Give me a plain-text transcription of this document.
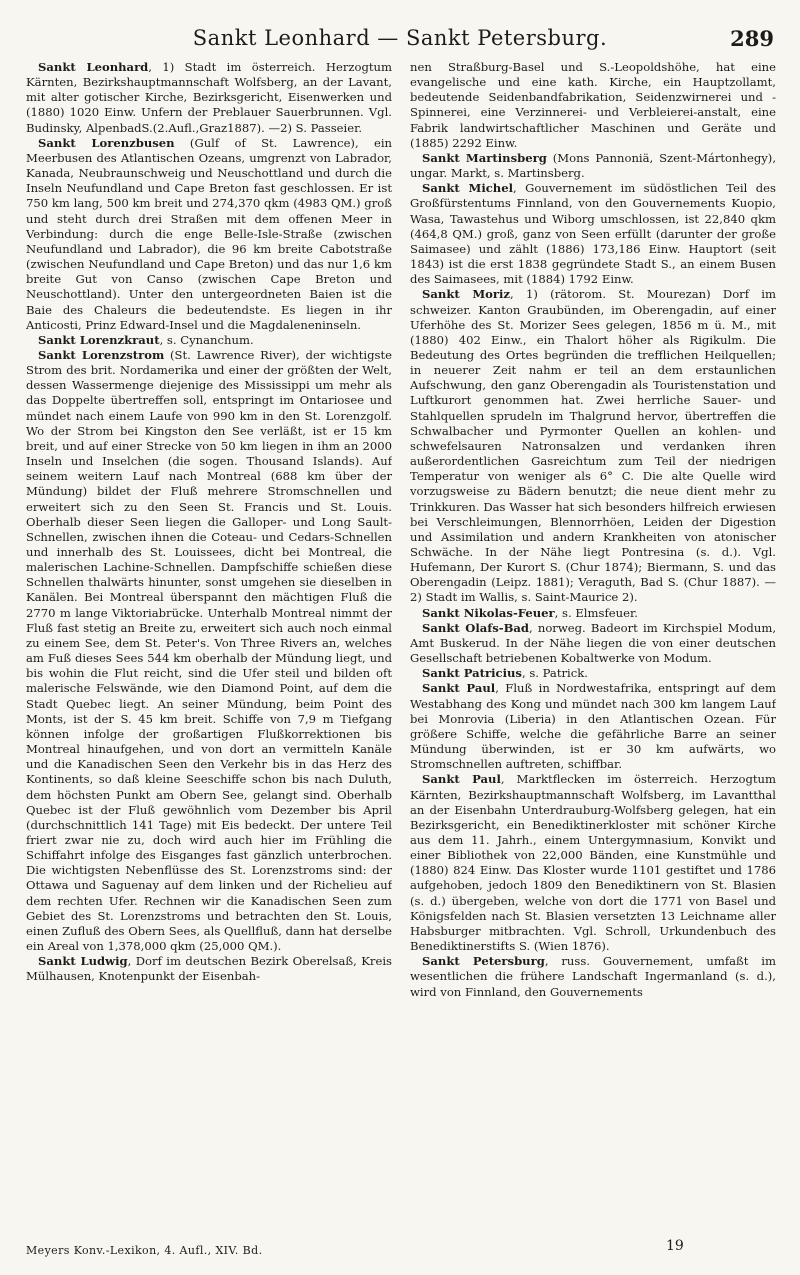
Sankt Leonhard — Sankt Petersburg.	289

Sankt Leonhard, 1) Stadt im österreich. Herzogtum Kärnten, Bezirkshauptmannschaft Wolfsberg, an der Lavant, mit alter gotischer Kirche, Bezirksgericht, Eisenwerken und (1880) 1020 Einw. Unfern der Preblauer Sauerbrunnen. Vgl. Budinsky, AlpenbadS.(2.Aufl.,Graz1887). —2) S. Passeier.

Sankt Lorenzbusen (Gulf of St. Lawrence), ein Meerbusen des Atlantischen Ozeans, umgrenzt von Labrador, Kanada, Neubraunschweig und Neuschottland und durch die Inseln Neufundland und Cape Breton fast geschlossen. Er ist 750 km lang, 500 km breit und 274,370 qkm (4983 QM.) groß und steht durch drei Straßen mit dem offenen Meer in Verbindung: durch die enge Belle-Isle-Straße (zwischen Neufundland und Labrador), die 96 km breite Cabotstraße (zwischen Neufundland und Cape Breton) und das nur 1,6 km breite Gut von Canso (zwischen Cape Breton und Neuschottland). Unter den untergeordneten Baien ist die Baie des Chaleurs die bedeutendste. Es liegen in ihr Anticosti, Prinz Edward-Insel und die Magdaleneninseln.

Sankt Lorenzkraut, s. Cynanchum.

Sankt Lorenzstrom (St. Lawrence River), der wichtigste Strom des brit. Nordamerika und einer der größten der Welt, dessen Wassermenge diejenige des Mississippi um mehr als das Doppelte übertreffen soll, entspringt im Ontariosee und mündet nach einem Laufe von 990 km in den St. Lorenzgolf. Wo der Strom bei Kingston den See verläßt, ist er 15 km breit, und auf einer Strecke von 50 km liegen in ihm an 2000 Inseln und Inselchen (die sogen. Thousand Islands). Auf seinem weitern Lauf nach Montreal (688 km über der Mündung) bildet der Fluß mehrere Stromschnellen und erweitert sich zu den Seen St. Francis und St. Louis. Oberhalb dieser Seen liegen die Galloper- und Long Sault-Schnellen, zwischen ihnen die Coteau- und Cedars-Schnellen und innerhalb des St. Louissees, dicht bei Montreal, die malerischen Lachine-Schnellen. Dampfschiffe schießen diese Schnellen thalwärts hinunter, sonst umgehen sie dieselben in Kanälen. Bei Montreal überspannt den mächtigen Fluß die 2770 m lange Viktoriabrücke. Unterhalb Montreal nimmt der Fluß fast stetig an Breite zu, erweitert sich auch noch einmal zu einem See, dem St. Peter's. Von Three Rivers an, welches am Fuß dieses Sees 544 km oberhalb der Mündung liegt, und bis wohin die Flut reicht, sind die Ufer steil und bilden oft malerische Felswände, wie den Diamond Point, auf dem die Stadt Quebec liegt. An seiner Mündung, beim Point des Monts, ist der S. 45 km breit. Schiffe von 7,9 m Tiefgang können infolge der großartigen Flußkorrektionen bis Montreal hinaufgehen, und von dort an vermitteln Kanäle und die Kanadischen Seen den Verkehr bis in das Herz des Kontinents, so daß kleine Seeschiffe schon bis nach Duluth, dem höchsten Punkt am Obern See, gelangt sind. Oberhalb Quebec ist der Fluß gewöhnlich vom Dezember bis April (durchschnittlich 141 Tage) mit Eis bedeckt. Der untere Teil friert zwar nie zu, doch wird auch hier im Frühling die Schiffahrt infolge des Eisganges fast gänzlich unterbrochen. Die wichtigsten Nebenflüsse des St. Lorenzstroms sind: der Ottawa und Saguenay auf dem linken und der Richelieu auf dem rechten Ufer. Rechnen wir die Kanadischen Seen zum Gebiet des St. Lorenzstroms und betrachten den St. Louis, einen Zufluß des Obern Sees, als Quellfluß, dann hat derselbe ein Areal von 1,378,000 qkm (25,000 QM.).

Sankt Ludwig, Dorf im deutschen Bezirk Oberelsaß, Kreis Mülhausen, Knotenpunkt der Eisenbah-

nen Straßburg-Basel und S.-Leopoldshöhe, hat eine evangelische und eine kath. Kirche, ein Hauptzollamt, bedeutende Seidenbandfabrikation, Seidenzwirnerei und -Spinnerei, eine Verzinnerei- und Verbleierei-anstalt, eine Fabrik landwirtschaftlicher Maschinen und Geräte und (1885) 2292 Einw.

Sankt Martinsberg (Mons Pannoniä, Szent-Mártonhegy), ungar. Markt, s. Martinsberg.

Sankt Michel, Gouvernement im südöstlichen Teil des Großfürstentums Finnland, von den Gouvernements Kuopio, Wasa, Tawastehus und Wiborg umschlossen, ist 22,840 qkm (464,8 QM.) groß, ganz von Seen erfüllt (darunter der große Saimasee) und zählt (1886) 173,186 Einw. Hauptort (seit 1843) ist die erst 1838 gegründete Stadt S., an einem Busen des Saimasees, mit (1884) 1792 Einw.

Sankt Moriz, 1) (rätorom. St. Mourezan) Dorf im schweizer. Kanton Graubünden, im Oberengadin, auf einer Uferhöhe des St. Morizer Sees gelegen, 1856 m ü. M., mit (1880) 402 Einw., ein Thalort höher als Rigikulm. Die Bedeutung des Ortes begründen die trefflichen Heilquellen; in neuerer Zeit nahm er teil an dem erstaunlichen Aufschwung, den ganz Oberengadin als Touristenstation und Luftkurort genommen hat. Zwei herrliche Sauer- und Stahlquellen sprudeln im Thalgrund hervor, übertreffen die Schwalbacher und Pyrmonter Quellen an kohlen- und schwefelsauren Natronsalzen und verdanken ihren außerordentlichen Gasreichtum zum Teil der niedrigen Temperatur von weniger als 6° C. Die alte Quelle wird vorzugsweise zu Bädern benutzt; die neue dient mehr zu Trinkkuren. Das Wasser hat sich besonders hilfreich erwiesen bei Verschleimungen, Blennorrhöen, Leiden der Digestion und Assimilation und andern Krankheiten von atonischer Schwäche. In der Nähe liegt Pontresina (s. d.). Vgl. Hufemann, Der Kurort S. (Chur 1874); Biermann, S. und das Oberengadin (Leipz. 1881); Veraguth, Bad S. (Chur 1887). — 2) Stadt im Wallis, s. Saint-Maurice 2).

Sankt Nikolas-Feuer, s. Elmsfeuer.

Sankt Olafs-Bad, norweg. Badeort im Kirchspiel Modum, Amt Buskerud. In der Nähe liegen die von einer deutschen Gesellschaft betriebenen Kobaltwerke von Modum.

Sankt Patricius, s. Patrick.

Sankt Paul, Fluß in Nordwestafrika, entspringt auf dem Westabhang des Kong und mündet nach 300 km langem Lauf bei Monrovia (Liberia) in den Atlantischen Ozean. Für größere Schiffe, welche die gefährliche Barre an seiner Mündung überwinden, ist er 30 km aufwärts, wo Stromschnellen auftreten, schiffbar.

Sankt Paul, Marktflecken im österreich. Herzogtum Kärnten, Bezirkshauptmannschaft Wolfsberg, im Lavantthal an der Eisenbahn Unterdrauburg-Wolfsberg gelegen, hat ein Bezirksgericht, ein Benediktinerkloster mit schöner Kirche aus dem 11. Jahrh., einem Untergymnasium, Konvikt und einer Bibliothek von 22,000 Bänden, eine Kunstmühle und (1880) 824 Einw. Das Kloster wurde 1101 gestiftet und 1786 aufgehoben, jedoch 1809 den Benediktinern von St. Blasien (s. d.) übergeben, welche von dort die 1771 von Basel und Königsfelden nach St. Blasien versetzten 13 Leichname aller Habsburger mitbrachten. Vgl. Schroll, Urkundenbuch des Benediktinerstifts S. (Wien 1876).

Sankt Petersburg, russ. Gouvernement, umfaßt im wesentlichen die frühere Landschaft Ingermanland (s. d.), wird von Finnland, den Gouvernements

Meyers Konv.-Lexikon, 4. Aufl., XIV. Bd.	19
